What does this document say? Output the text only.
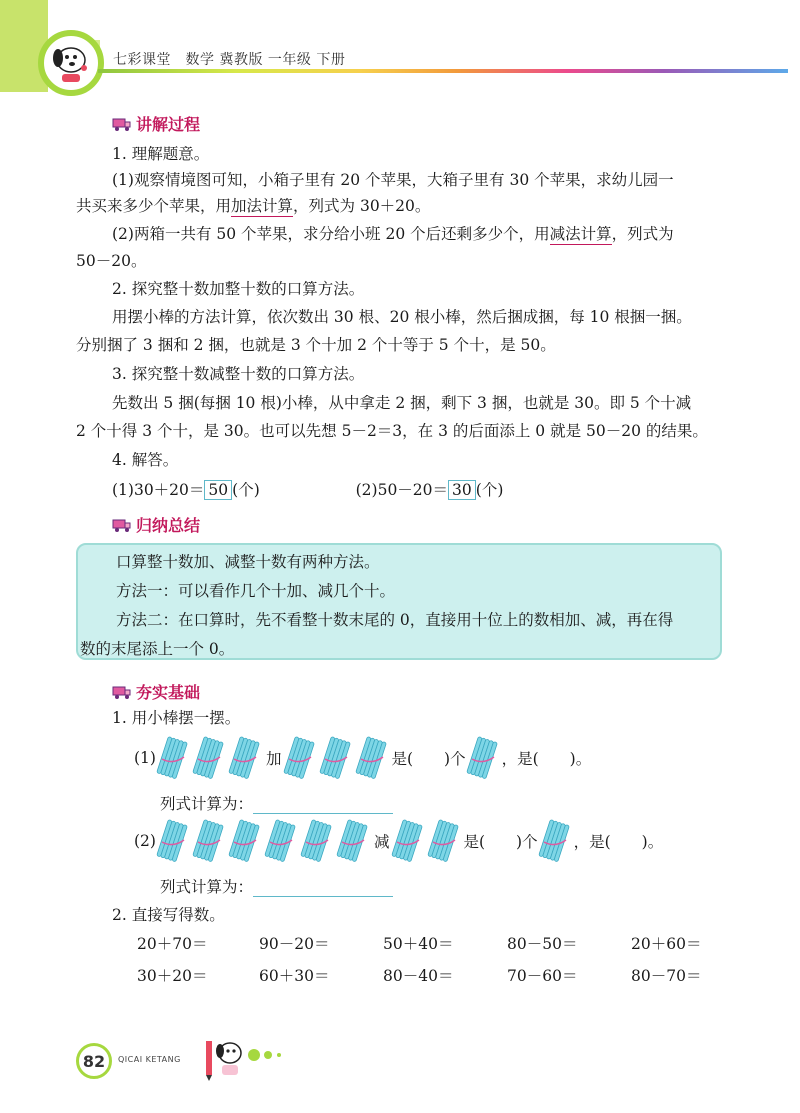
七彩课堂　数学 冀教版 一年级 下册
讲解过程
1. 理解题意。
(1)观察情境图可知，小箱子里有 20 个苹果，大箱子里有 30 个苹果，求幼儿园一
共买来多少个苹果，用加法计算，列式为 30＋20。
(2)两箱一共有 50 个苹果，求分给小班 20 个后还剩多少个，用减法计算，列式为
50－20。
2. 探究整十数加整十数的口算方法。
用摆小棒的方法计算，依次数出 30 根、20 根小棒，然后捆成捆，每 10 根捆一捆。
分别捆了 3 捆和 2 捆，也就是 3 个十加 2 个十等于 5 个十，是 50。
3. 探究整十数减整十数的口算方法。
先数出 5 捆(每捆 10 根)小棒，从中拿走 2 捆，剩下 3 捆，也就是 30。即 5 个十减
2 个十得 3 个十，是 30。也可以先想 5－2＝3，在 3 的后面添上 0 就是 50－20 的结果。
4. 解答。
(1)30＋20＝ 50 (个)	(2)50－20＝ 30 (个)
归纳总结
口算整十数加、减整十数有两种方法。
方法一：可以看作几个十加、减几个十。
方法二：在口算时，先不看整十数末尾的 0，直接用十位上的数相加、减，再在得
数的末尾添上一个 0。
夯实基础
1. 用小棒摆一摆。
(1)	加	是(　　)个 ，是(　　)。
列式计算为：
(2)	减	是(　　)个 ，是(　　)。
列式计算为：
2. 直接写得数。
20＋70＝	90－20＝	50＋40＝	80－50＝	20＋60＝
30＋20＝	60＋30＝	80－40＝	70－60＝	80－70＝
82	QICAI KETANG
